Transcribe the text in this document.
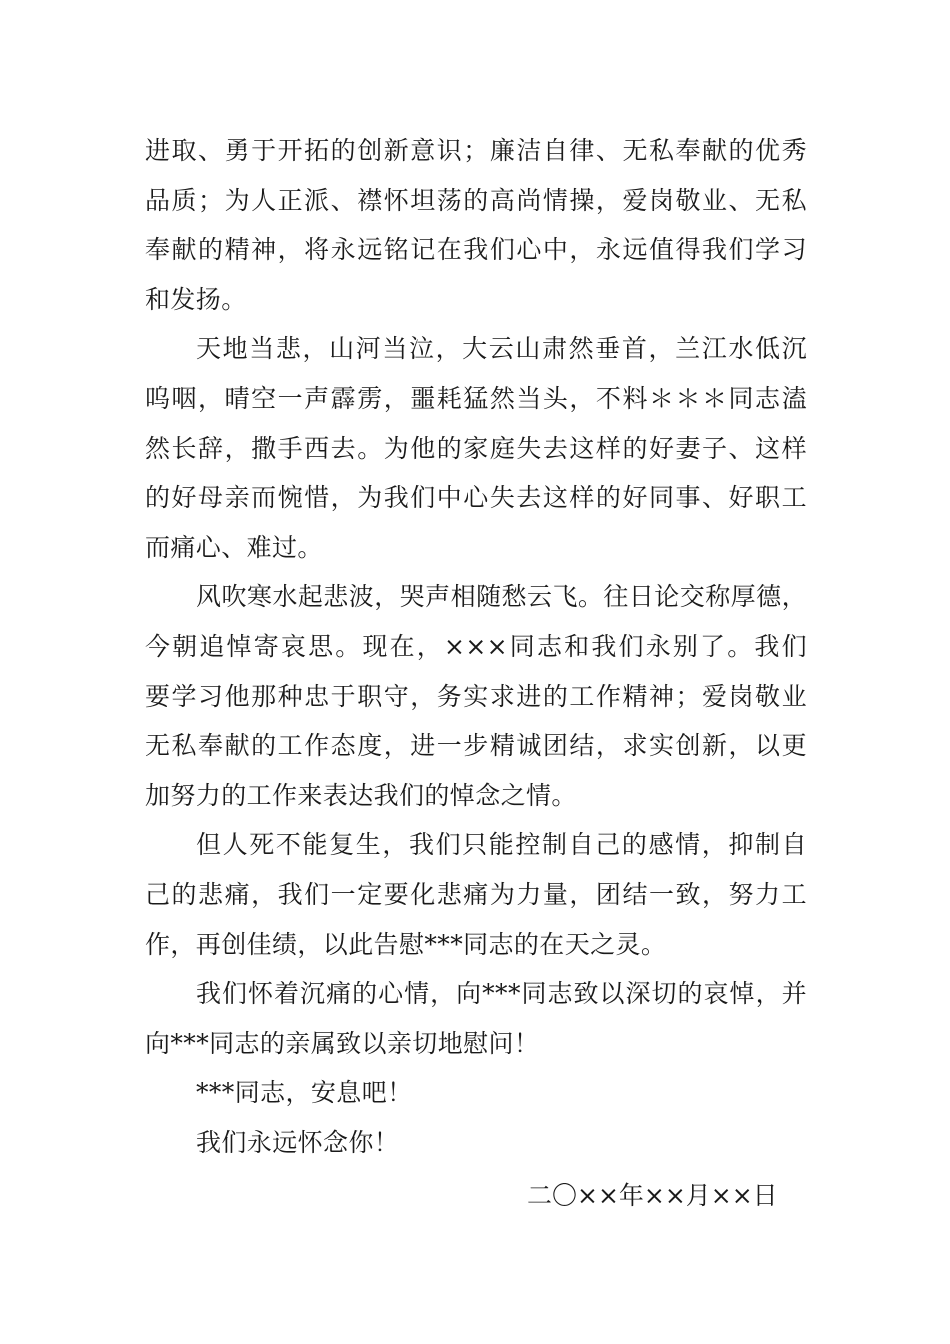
进取、勇于开拓的创新意识；廉洁自律、无私奉献的优秀
品质；为人正派、襟怀坦荡的高尚情操，爱岗敬业、无私
奉献的精神，将永远铭记在我们心中，永远值得我们学习
和发扬。
天地当悲，山河当泣，大云山肃然垂首，兰江水低沉
呜咽，晴空一声霹雳，噩耗猛然当头，不料＊＊＊同志溘
然长辞，撒手西去。为他的家庭失去这样的好妻子、这样
的好母亲而惋惜，为我们中心失去这样的好同事、好职工
而痛心、难过。
风吹寒水起悲波，哭声相随愁云飞。往日论交称厚德，
今朝追悼寄哀思。现在，×××同志和我们永别了。我们
要学习他那种忠于职守，务实求进的工作精神；爱岗敬业
无私奉献的工作态度，进一步精诚团结，求实创新，以更
加努力的工作来表达我们的悼念之情。
但人死不能复生，我们只能控制自己的感情，抑制自
己的悲痛，我们一定要化悲痛为力量，团结一致，努力工
作，再创佳绩，以此告慰***同志的在天之灵。
我们怀着沉痛的心情，向***同志致以深切的哀悼，并
向***同志的亲属致以亲切地慰问！
***同志，安息吧！
我们永远怀念你！
二〇××年××月××日
